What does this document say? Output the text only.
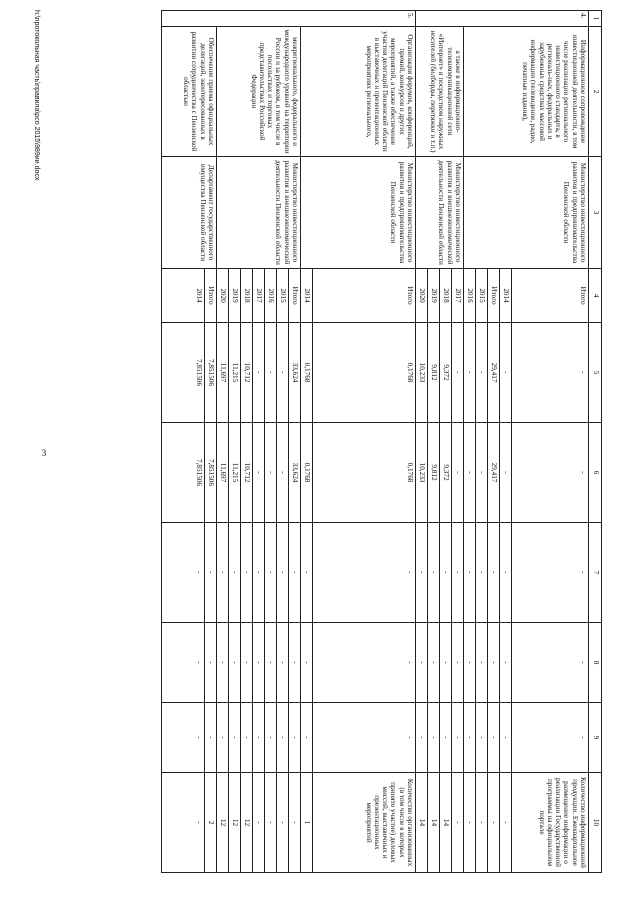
3
1	2	3	4	5	6	7	8	9	10
4.	Информационное сопровождение инвестиционной деятельности, в том числе реализации регионального инвестиционного стандарта, в региональ-ных, федеральных и зарубежных средствах массовой информации (телевидение, радио, печатные издания),	Министерство инвестиционного развития и предпринимательства Пензенской области	Итого	-	-	-	-	-	Количество информационной продукции. Ежеквартальное размещение информации о реализации Государственной программы на официальном портале
			2014	-	-	-	-	-	-
			Итого	29,417	29,417	-	-	-	-
			2015	-	-	-	-	-	-
			2016	-	-	-	-	-	-
	а также в информационно-телекоммуникационной сети «Интернет» и посредством наружных носителей (билборды, перетяжки и т.п.)	Министерство инвестиционного развития и внешнеэкономической деятельности Пензенской области	2017	-	-	-	-	-	-
			2018	9,372	9,372	-	-	-	14
			2019	9,812	9,812	-	-	-	14
			2020	10,233	10,233	-	-	-	14
5.	Организация форумов, конференций, премий, конкурсов и других мероприятий, а также обеспечение участия делегаций Пензенской области в выставочных и презентационных мероприятиях регионального,	Министерство инвестиционного развития и предпринимательства Пензенской области	Итого	0,1768	0,1768	-	-	-	Количество организованных (в том числе в которых принято участие) деловых миссий, выставочных и презентационных мероприятий
			2014	0,1768	0,1768	-	-	-	1
	межрегионального, федерального и международного уровней на территории России и за рубежом, в том числе в посольствах и торговых представительствах Российской Федерации	Министерство инвестиционного развития и внешнеэкономической деятельности Пензенской области	Итого	33,624	33,624	-	-	-	-
			2015	-	-	-	-	-	-
			2016	-	-	-	-	-	-
			2017	-	-	-	-	-	-
			2018	10,712	10,712	-	-	-	12
			2019	11,215	11,215	-	-	-	12
			2020	11,697	11,697	-	-	-	12
	Обеспечение приема официальных делегаций, заинтересованных в развитии сотрудничества с Пензенской областью	Департамент государственного имущества Пензенской области	Итого	7,851506	7,851506	-	-	-	2
			2014	7,851506	7,851506	-	-	-	-
h:\протокольная часть\правила\рсо 2015\989ии.docx
